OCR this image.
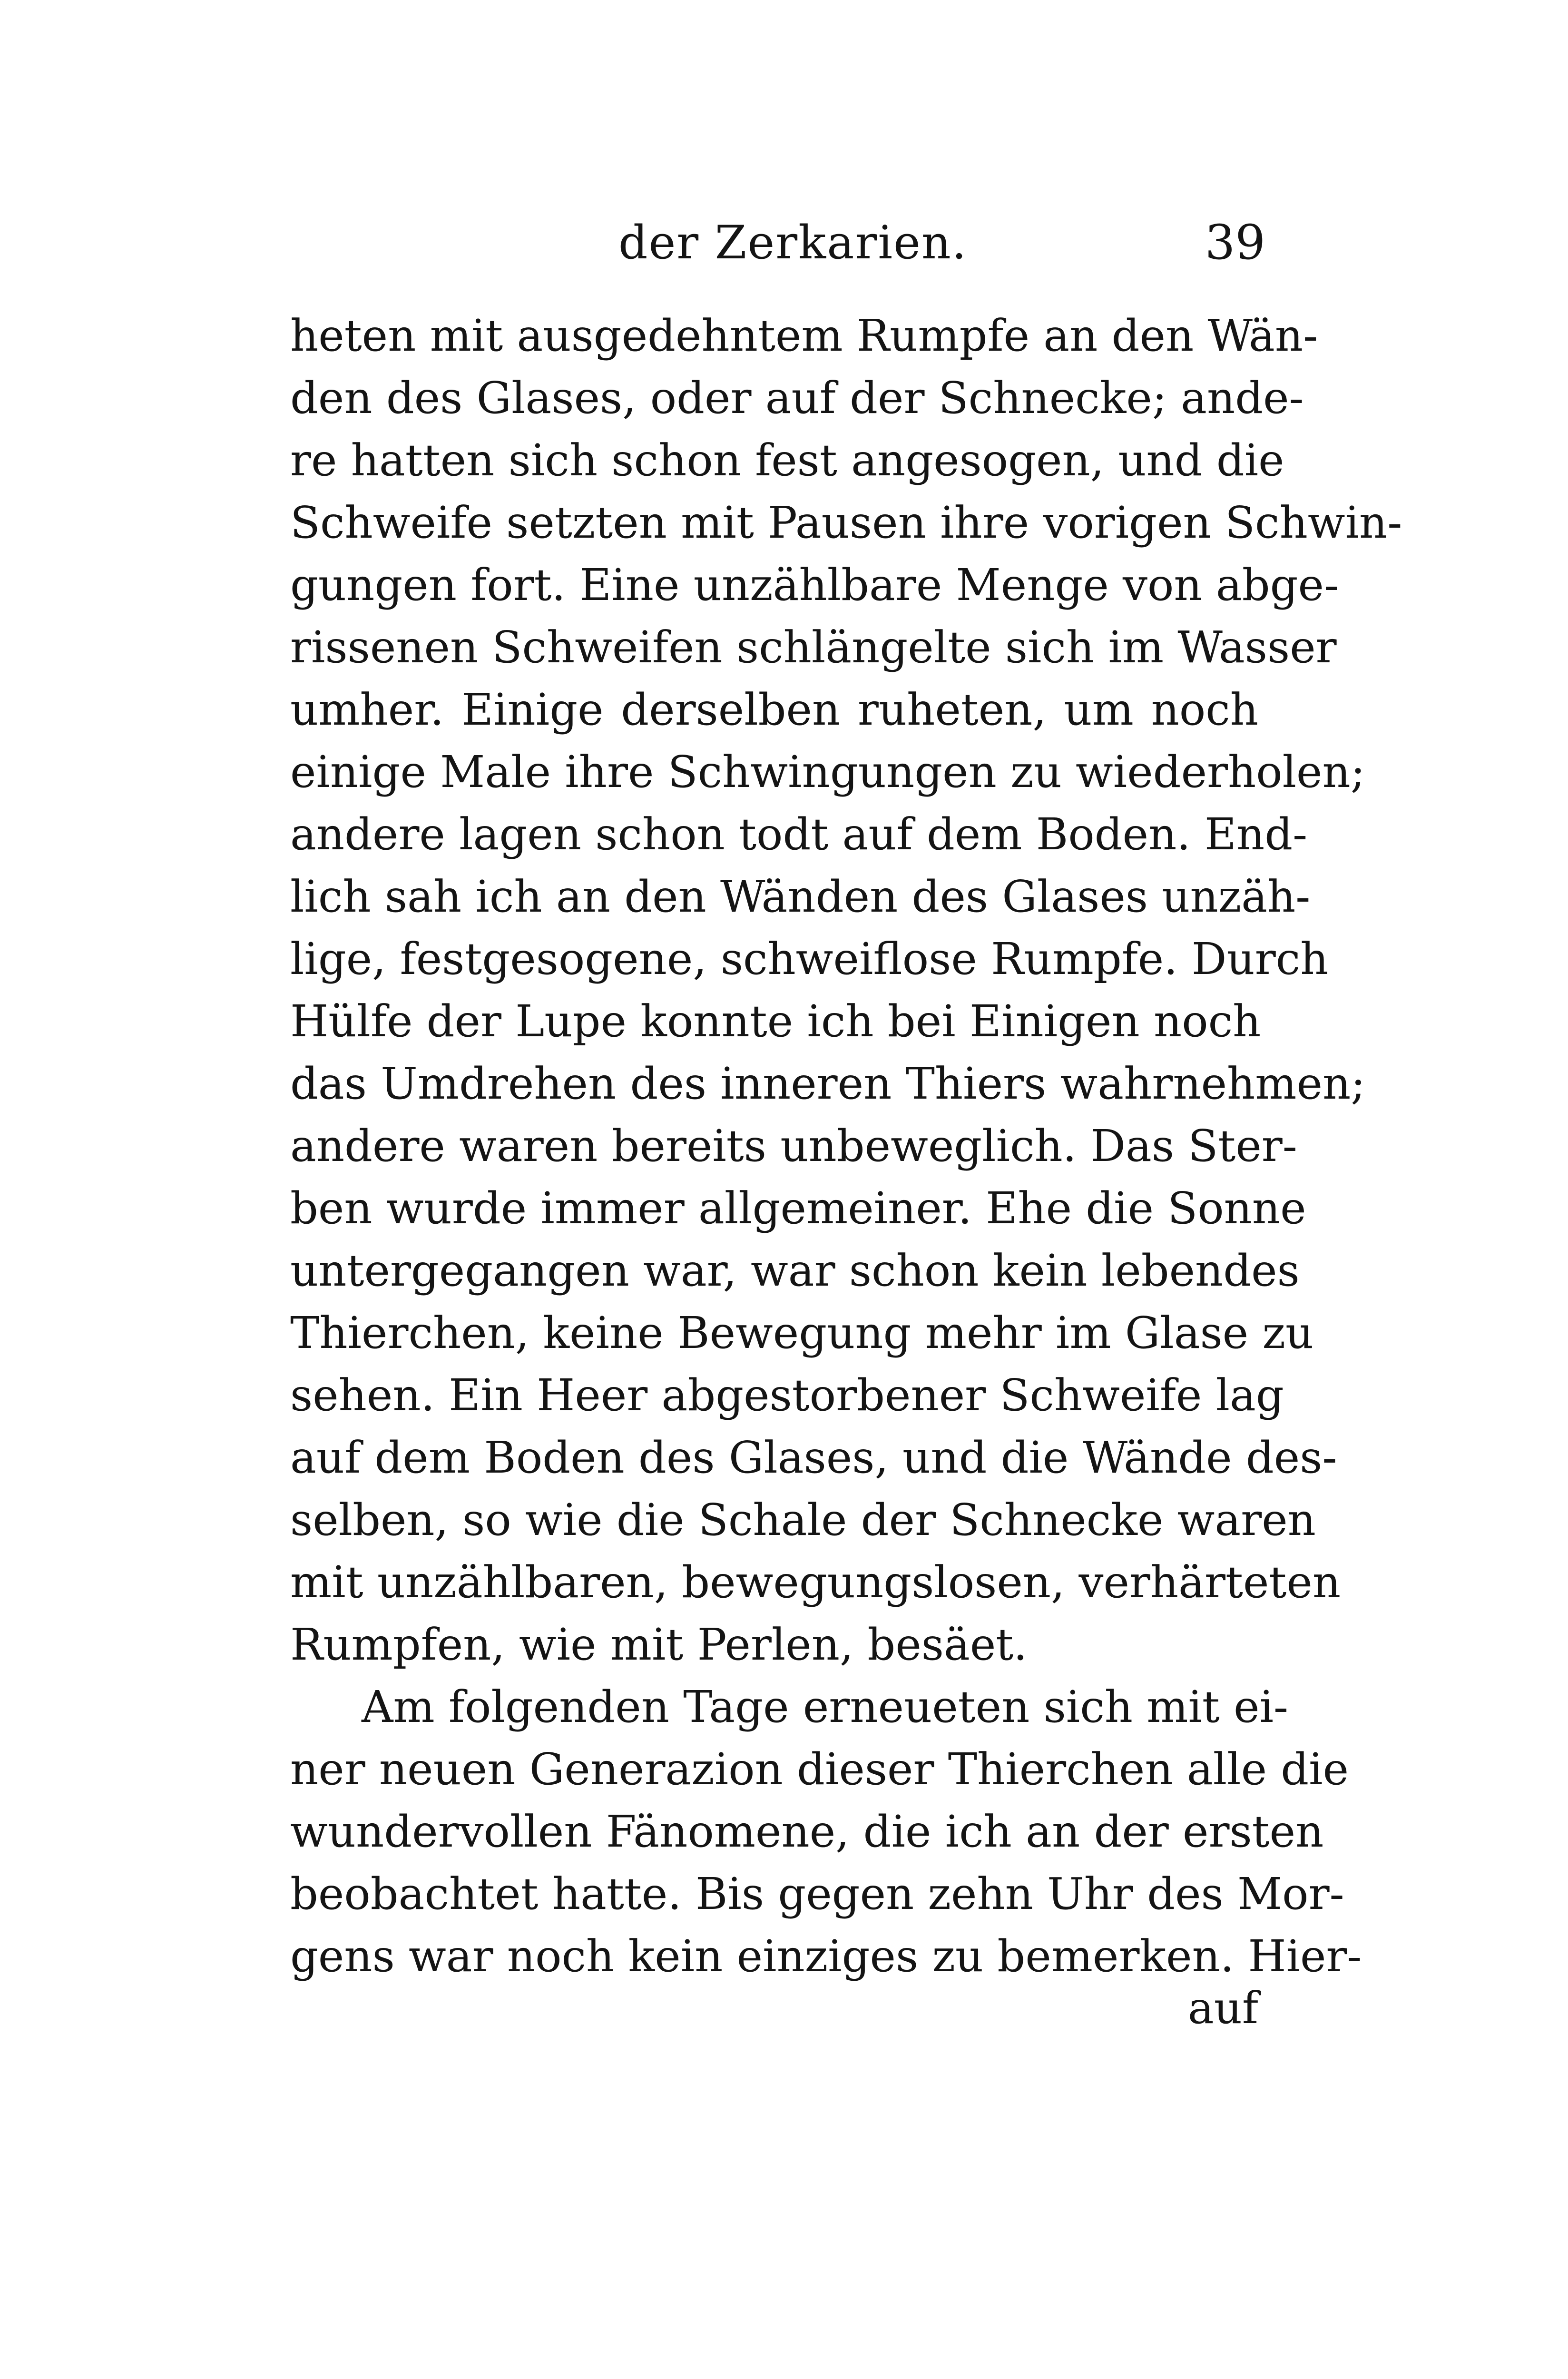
der Zerkarien.	39
heten mit ausgedehntem Rumpfe an den Wän-
den des Glases, oder auf der Schnecke; ande-
re hatten sich schon fest angesogen, und die
Schweife setzten mit Pausen ihre vorigen Schwin-
gungen fort. Eine unzählbare Menge von abge-
rissenen Schweifen schlängelte sich im Wasser
umher. Einige derselben ruheten, um noch
einige Male ihre Schwingungen zu wiederholen;
andere lagen schon todt auf dem Boden. End-
lich sah ich an den Wänden des Glases unzäh-
lige, festgesogene, schweiflose Rumpfe. Durch
Hülfe der Lupe konnte ich bei Einigen noch
das Umdrehen des inneren Thiers wahrnehmen;
andere waren bereits unbeweglich. Das Ster-
ben wurde immer allgemeiner. Ehe die Sonne
untergegangen war, war schon kein lebendes
Thierchen, keine Bewegung mehr im Glase zu
sehen. Ein Heer abgestorbener Schweife lag
auf dem Boden des Glases, und die Wände des-
selben, so wie die Schale der Schnecke waren
mit unzählbaren, bewegungslosen, verhärteten
Rumpfen, wie mit Perlen, besäet.
Am folgenden Tage erneueten sich mit ei-
ner neuen Generazion dieser Thierchen alle die
wundervollen Fänomene, die ich an der ersten
beobachtet hatte. Bis gegen zehn Uhr des Mor-
gens war noch kein einziges zu bemerken. Hier-
auf
